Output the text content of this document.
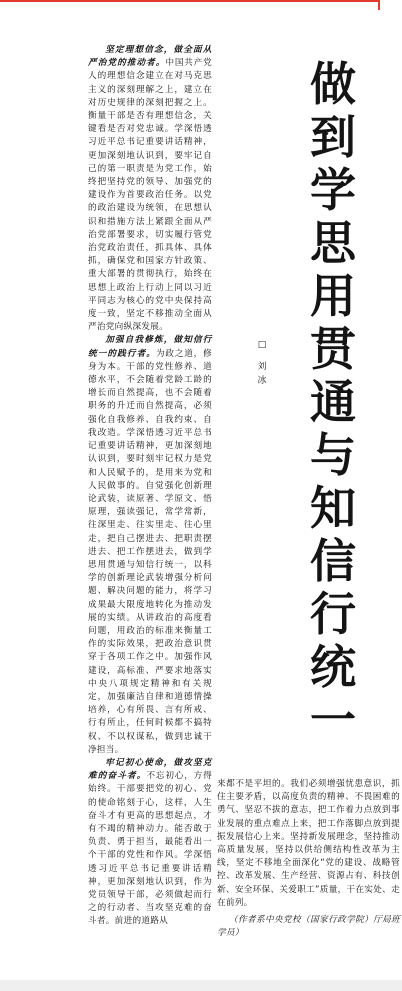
坚定理想信念，做全面从严治党的推动者。中国共产党人的理想信念建立在对马克思主义的深刻理解之上，建立在对历史规律的深刻把握之上。衡量干部是否有理想信念，关键看是否对党忠诚。学深悟透习近平总书记重要讲话精神，更加深刻地认识到，要牢记自己的第一职责是为党工作，始终把坚持党的领导、加强党的建设作为首要政治任务。以党的政治建设为统领，在思想认识和措施方法上紧跟全面从严治党部署要求，切实履行管党治党政治责任，抓具体、具体抓，确保党和国家方针政策、重大部署的贯彻执行，始终在思想上政治上行动上同以习近平同志为核心的党中央保持高度一致，坚定不移推动全面从严治党向纵深发展。

加强自我修炼，做知信行统一的践行者。为政之道，修身为本。干部的党性修养、道德水平，不会随着党龄工龄的增长而自然提高，也不会随着职务的升迁而自然提高，必须强化自我修养、自我约束、自我改造。学深悟透习近平总书记重要讲话精神，更加深刻地认识到，要时刻牢记权力是党和人民赋予的，是用来为党和人民做事的。自觉强化创新理论武装，读原著、学原文、悟原理，强读强记，常学常新，往深里走、往实里走、往心里走，把自己摆进去、把职责摆进去、把工作摆进去，做到学思用贯通与知信行统一，以科学的创新理论武装增强分析问题、解决问题的能力，将学习成果最大限度地转化为推动发展的实绩。从讲政治的高度看问题，用政治的标准来衡量工作的实际效果，把政治意识贯穿于各项工作之中。加强作风建设，高标准、严要求地落实中央八项规定精神和有关规定，加强廉洁自律和道德情操培养，心有所畏、言有所戒、行有所止，任何时候都不搞特权、不以权谋私，做到忠诚干净担当。

牢记初心使命，做攻坚克难的奋斗者。不忘初心，方得始终。干部要把党的初心、党的使命铭刻于心，这样，人生奋斗才有更高的思想起点，才有不竭的精神动力。能否敢于负责、勇于担当，最能看出一个干部的党性和作风。学深悟透习近平总书记重要讲话精神，更加深刻地认识到，作为党员领导干部，必须做起而行之的行动者、当攻坚克难的奋斗者。前进的道路从

□
刘
冰
做
到
学
思
用
贯
通
与
知
信
行
统
一

来都不是平坦的。我们必须增强忧患意识，抓住主要矛盾，以高度负责的精神、不畏困难的勇气、坚忍不拔的意志，把工作着力点放到事业发展的重点难点上来，把工作落脚点放到提振发展信心上来。坚持新发展理念，坚持推动高质量发展，坚持以供给侧结构性改革为主线，坚定不移地全面深化“党的建设、战略管控、改革发展、生产经营、资源占有、科技创新、安全环保、关爱职工”质量，干在实处、走在前列。

（作者系中央党校（国家行政学院）厅局班学员）
